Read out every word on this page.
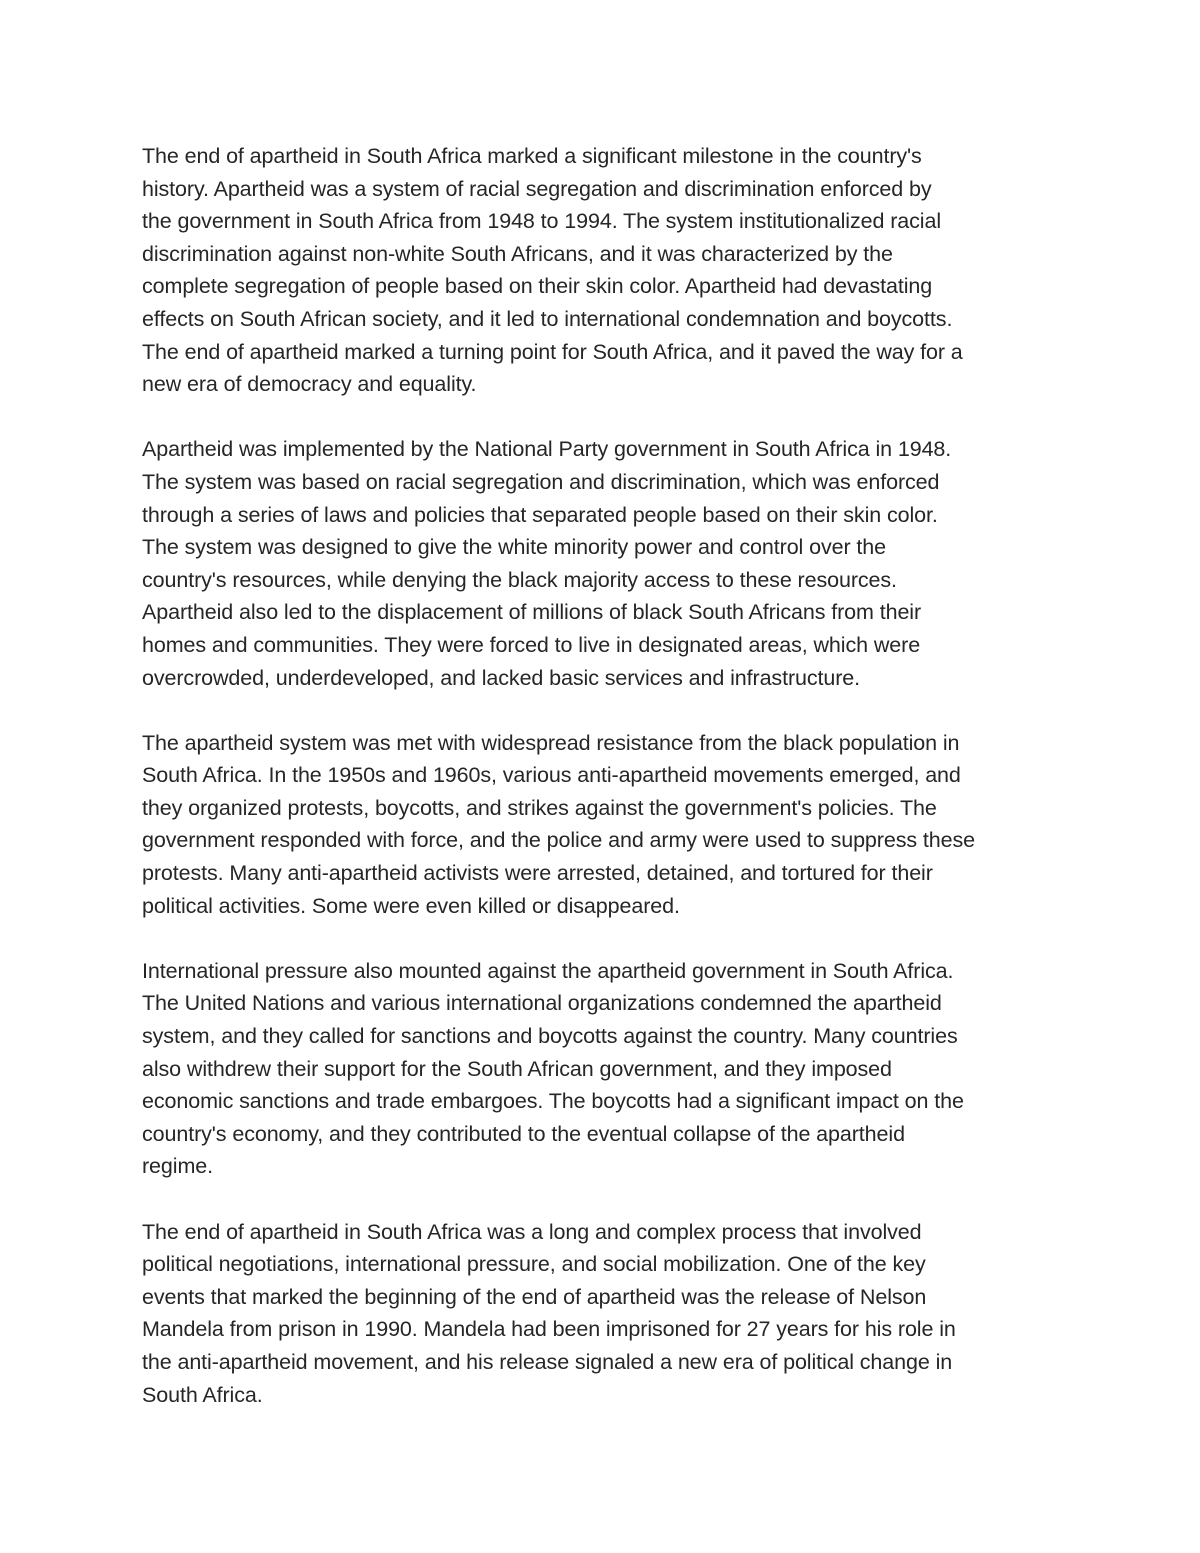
The end of apartheid in South Africa marked a significant milestone in the country's
history. Apartheid was a system of racial segregation and discrimination enforced by
the government in South Africa from 1948 to 1994. The system institutionalized racial
discrimination against non-white South Africans, and it was characterized by the
complete segregation of people based on their skin color. Apartheid had devastating
effects on South African society, and it led to international condemnation and boycotts.
The end of apartheid marked a turning point for South Africa, and it paved the way for a
new era of democracy and equality.

Apartheid was implemented by the National Party government in South Africa in 1948.
The system was based on racial segregation and discrimination, which was enforced
through a series of laws and policies that separated people based on their skin color.
The system was designed to give the white minority power and control over the
country's resources, while denying the black majority access to these resources.
Apartheid also led to the displacement of millions of black South Africans from their
homes and communities. They were forced to live in designated areas, which were
overcrowded, underdeveloped, and lacked basic services and infrastructure.

The apartheid system was met with widespread resistance from the black population in
South Africa. In the 1950s and 1960s, various anti-apartheid movements emerged, and
they organized protests, boycotts, and strikes against the government's policies. The
government responded with force, and the police and army were used to suppress these
protests. Many anti-apartheid activists were arrested, detained, and tortured for their
political activities. Some were even killed or disappeared.

International pressure also mounted against the apartheid government in South Africa.
The United Nations and various international organizations condemned the apartheid
system, and they called for sanctions and boycotts against the country. Many countries
also withdrew their support for the South African government, and they imposed
economic sanctions and trade embargoes. The boycotts had a significant impact on the
country's economy, and they contributed to the eventual collapse of the apartheid
regime.

The end of apartheid in South Africa was a long and complex process that involved
political negotiations, international pressure, and social mobilization. One of the key
events that marked the beginning of the end of apartheid was the release of Nelson
Mandela from prison in 1990. Mandela had been imprisoned for 27 years for his role in
the anti-apartheid movement, and his release signaled a new era of political change in
South Africa.
